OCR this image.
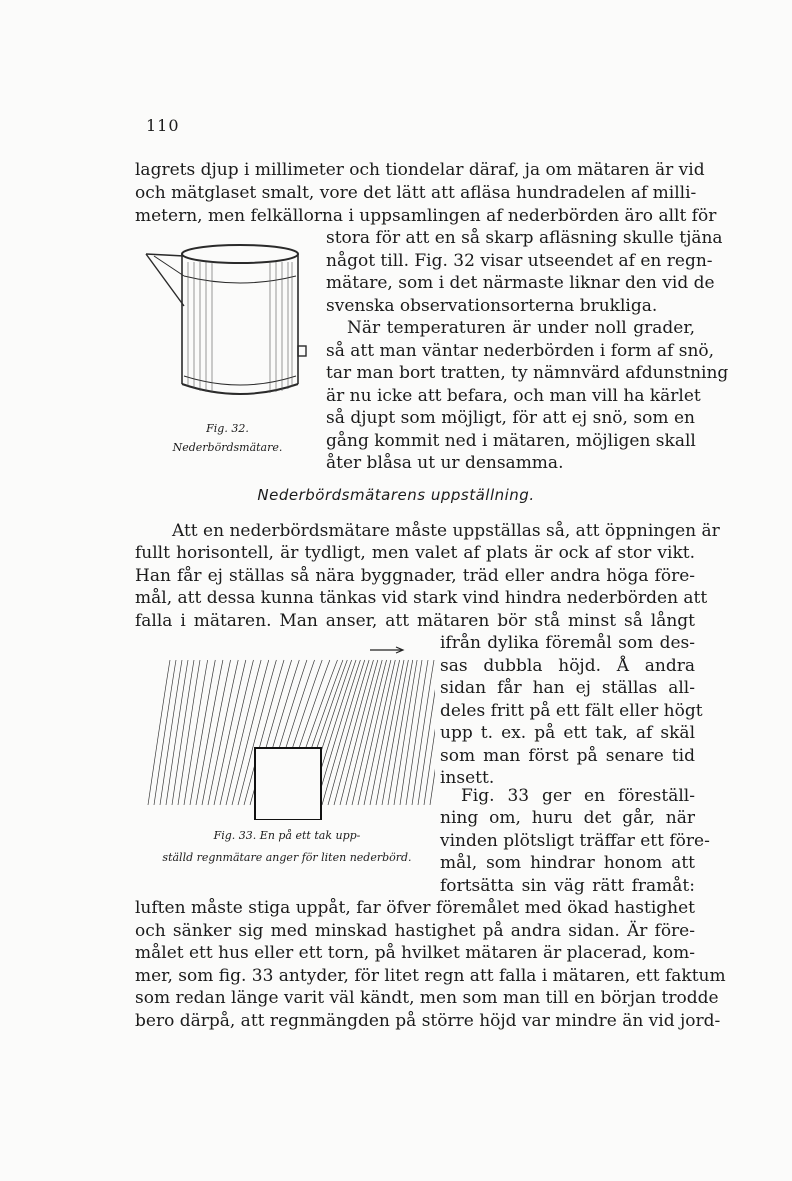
110
lagrets djup i millimeter och tiondelar däraf, ja om mätaren är vid
och mätglaset smalt, vore det lätt att afläsa hundradelen af milli-
metern, men felkällorna i uppsamlingen af nederbörden äro allt för
stora för att en så skarp afläsning skulle tjäna
något till. Fig. 32 visar utseendet af en regn-
mätare, som i det närmaste liknar den vid de
svenska observationsorterna brukliga.
När temperaturen är under noll grader,
så att man väntar nederbörden i form af snö,
tar man bort tratten, ty nämnvärd afdunstning
är nu icke att befara, och man vill ha kärlet
så djupt som möjligt, för att ej snö, som en
gång kommit ned i mätaren, möjligen skall
åter blåsa ut ur densamma.
Fig. 32.
Nederbördsmätare.
Nederbördsmätarens uppställning.
Att en nederbördsmätare måste uppställas så, att öppningen är
fullt horisontell, är tydligt, men valet af plats är ock af stor vikt.
Han får ej ställas så nära byggnader, träd eller andra höga före-
mål, att dessa kunna tänkas vid stark vind hindra nederbörden att
falla i mätaren. Man anser, att mätaren bör stå minst så långt
ifrån dylika föremål som des-
sas dubbla höjd. Å andra
sidan får han ej ställas all-
deles fritt på ett fält eller högt
upp t. ex. på ett tak, af skäl
som man först på senare tid
insett.
Fig. 33. En på ett tak upp-
ställd regnmätare anger för liten nederbörd.
Fig. 33 ger en föreställ-
ning om, huru det går, när
vinden plötsligt träffar ett före-
mål, som hindrar honom att
fortsätta sin väg rätt framåt:
luften måste stiga uppåt, far öfver föremålet med ökad hastighet
och sänker sig med minskad hastighet på andra sidan. Är före-
målet ett hus eller ett torn, på hvilket mätaren är placerad, kom-
mer, som fig. 33 antyder, för litet regn att falla i mätaren, ett faktum
som redan länge varit väl kändt, men som man till en början trodde
bero därpå, att regnmängden på större höjd var mindre än vid jord-
